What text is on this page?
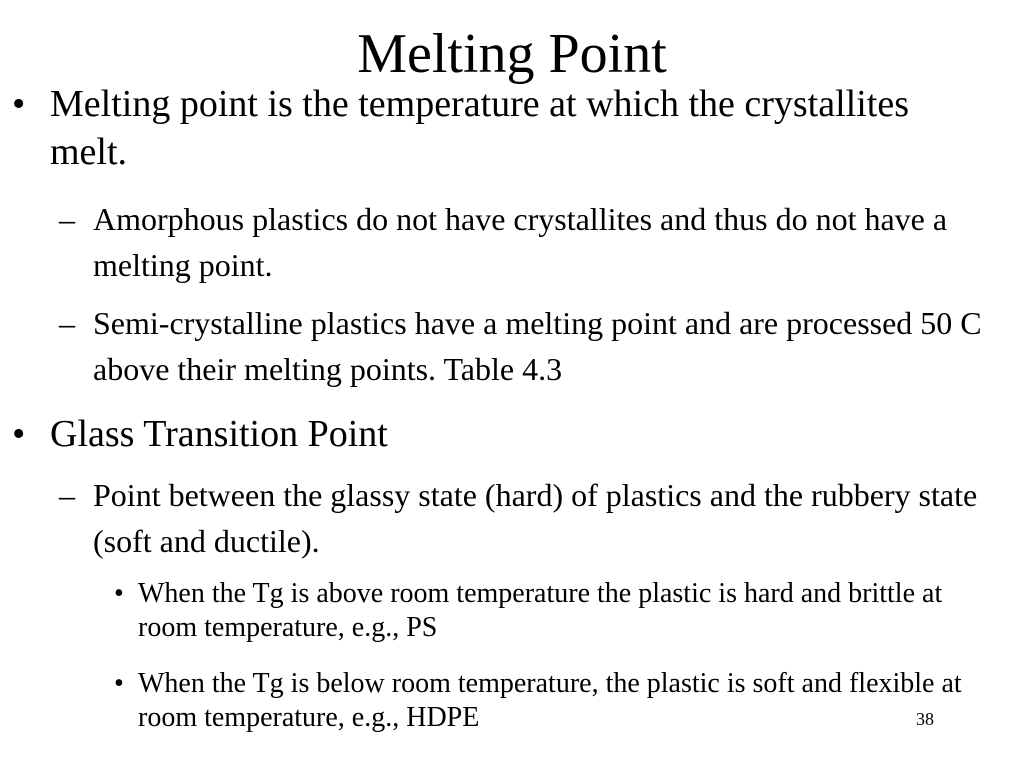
Melting Point

• Melting point is the temperature at which the crystallites melt.

– Amorphous plastics do not have crystallites and thus do not have a melting point.

– Semi-crystalline plastics have a melting point and are processed 50 C above their melting points. Table 4.3

• Glass Transition Point

– Point between the glassy state (hard) of plastics and the rubbery state (soft and ductile).

• When the Tg is above room temperature the plastic is hard and brittle at room temperature, e.g., PS

• When the Tg is below room temperature, the plastic is soft and flexible at room temperature, e.g., HDPE	38
